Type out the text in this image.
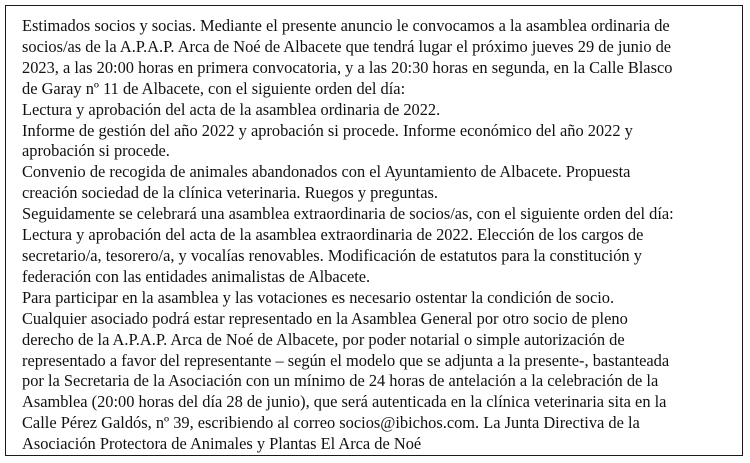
Estimados socios y socias. Mediante el presente anuncio le convocamos a la asamblea ordinaria de
socios/as de la A.P.A.P. Arca de Noé de Albacete que tendrá lugar el próximo jueves 29 de junio de
2023, a las 20:00 horas en primera convocatoria, y a las 20:30 horas en segunda, en la Calle Blasco
de Garay nº 11 de Albacete, con el siguiente orden del día:
Lectura y aprobación del acta de la asamblea ordinaria de 2022.
Informe de gestión del año 2022 y aprobación si procede. Informe económico del año 2022 y
aprobación si procede.
Convenio de recogida de animales abandonados con el Ayuntamiento de Albacete. Propuesta
creación sociedad de la clínica veterinaria. Ruegos y preguntas.
Seguidamente se celebrará una asamblea extraordinaria de socios/as, con el siguiente orden del día:
Lectura y aprobación del acta de la asamblea extraordinaria de 2022. Elección de los cargos de
secretario/a, tesorero/a, y vocalías renovables. Modificación de estatutos para la constitución y
federación con las entidades animalistas de Albacete.
Para participar en la asamblea y las votaciones es necesario ostentar la condición de socio.
Cualquier asociado podrá estar representado en la Asamblea General por otro socio de pleno
derecho de la A.P.A.P. Arca de Noé de Albacete, por poder notarial o simple autorización de
representado a favor del representante – según el modelo que se adjunta a la presente-, bastanteada
por la Secretaria de la Asociación con un mínimo de 24 horas de antelación a la celebración de la
Asamblea (20:00 horas del día 28 de junio), que será autenticada en la clínica veterinaria sita en la
Calle Pérez Galdós, nº 39, escribiendo al correo socios@ibichos.com. La Junta Directiva de la
Asociación Protectora de Animales y Plantas El Arca de Noé
